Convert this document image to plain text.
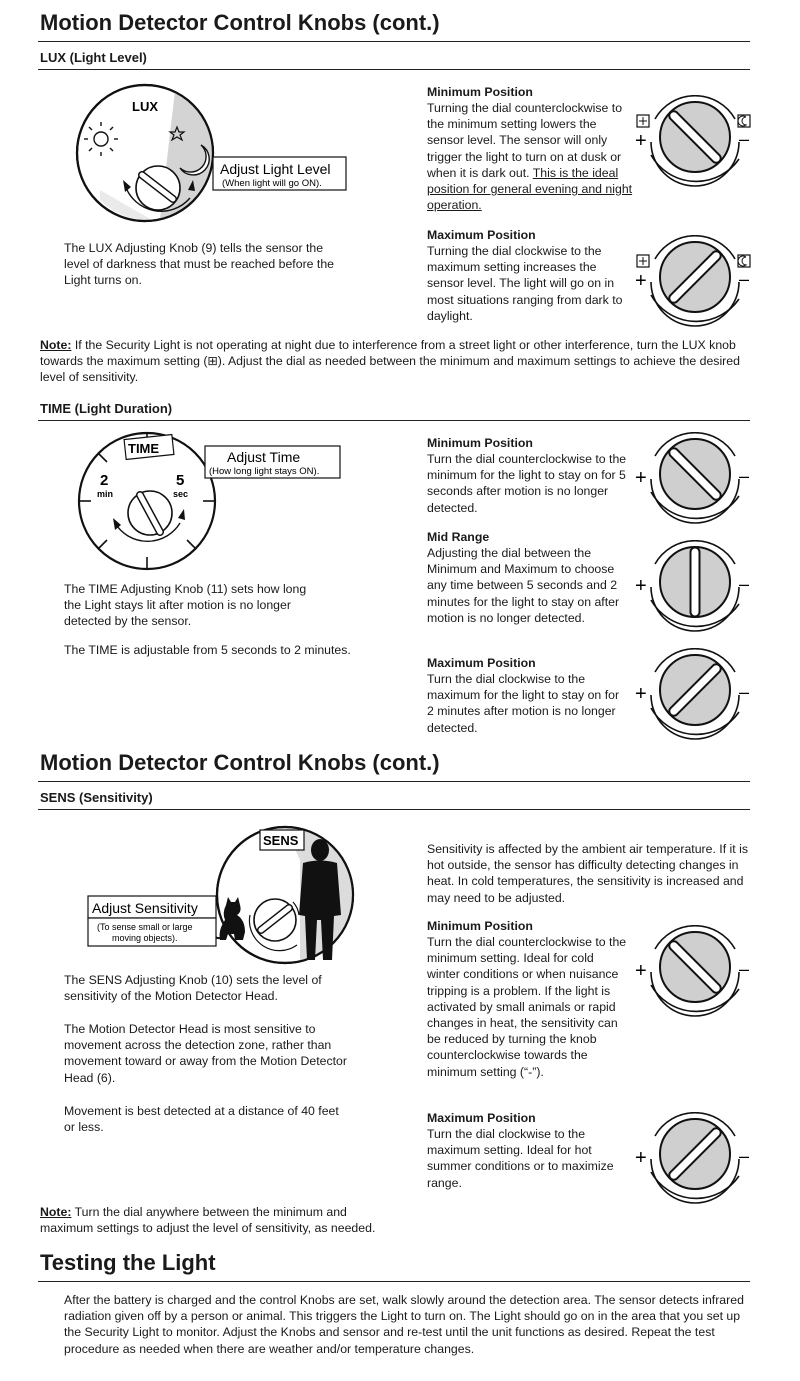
Motion Detector Control Knobs (cont.)
LUX (Light Level)
LUX
Adjust Light Level
(When light will go ON).
The LUX Adjusting Knob (9) tells the sensor the level of darkness that must be reached before the Light turns on.
Minimum Position
Turning the dial counterclockwise to the minimum setting lowers the sensor level. The sensor will only trigger the light to turn on at dusk or when it is dark out. This is the ideal position for general evening and night operation.
Maximum Position
Turning the dial clockwise to the maximum setting increases the sensor level. The light will go on in most situations ranging from dark to daylight.
Note: If the Security Light is not operating at night due to interference from a street light or other interference, turn the LUX knob towards the maximum setting (⊞). Adjust the dial as needed between the minimum and maximum settings to achieve the desired level of sensitivity.
TIME (Light Duration)
TIME
2
min
5
sec
Adjust Time
(How long light stays ON).
The TIME Adjusting Knob (11) sets how long the Light stays lit after motion is no longer detected by the sensor.
The TIME is adjustable from 5 seconds to 2 minutes.
Minimum Position
Turn the dial counterclockwise to the minimum for the light to stay on for 5 seconds after motion is no longer detected.
Mid Range
Adjusting the dial between the Minimum and Maximum to choose any time between 5 seconds and 2 minutes for the light to stay on after motion is no longer detected.
Maximum Position
Turn the dial clockwise to the maximum for the light to stay on for 2 minutes after motion is no longer detected.
Motion Detector Control Knobs (cont.)
SENS (Sensitivity)
SENS
Adjust Sensitivity
(To sense small or large
moving objects).
The SENS Adjusting Knob (10) sets the level of sensitivity of the Motion Detector Head.
The Motion Detector Head is most sensitive to movement across the detection zone, rather than movement toward or away from the Motion Detector Head (6).
Movement is best detected at a distance of 40 feet or less.
Sensitivity is affected by the ambient air temperature. If it is hot outside, the sensor has difficulty detecting changes in heat. In cold temperatures, the sensitivity is increased and may need to be adjusted.
Minimum Position
Turn the dial counterclockwise to the minimum setting. Ideal for cold winter conditions or when nuisance tripping is a problem. If the light is activated by small animals or rapid changes in heat, the sensitivity can be reduced by turning the knob counterclockwise towards the minimum setting (“-”).
Maximum Position
Turn the dial clockwise to the maximum setting. Ideal for hot summer conditions or to maximize range.
Note: Turn the dial anywhere between the minimum and maximum settings to adjust the level of sensitivity, as needed.
Testing the Light
After the battery is charged and the control Knobs are set, walk slowly around the detection area. The sensor detects infrared radiation given off by a person or animal. This triggers the Light to turn on. The Light should go on in the area that you set up the Security Light to monitor. Adjust the Knobs and sensor and re-test until the unit functions as desired. Repeat the test procedure as needed when there are weather and/or temperature changes.
+	–
+	–
+	–
+	–
+	–
+	–
+	–
